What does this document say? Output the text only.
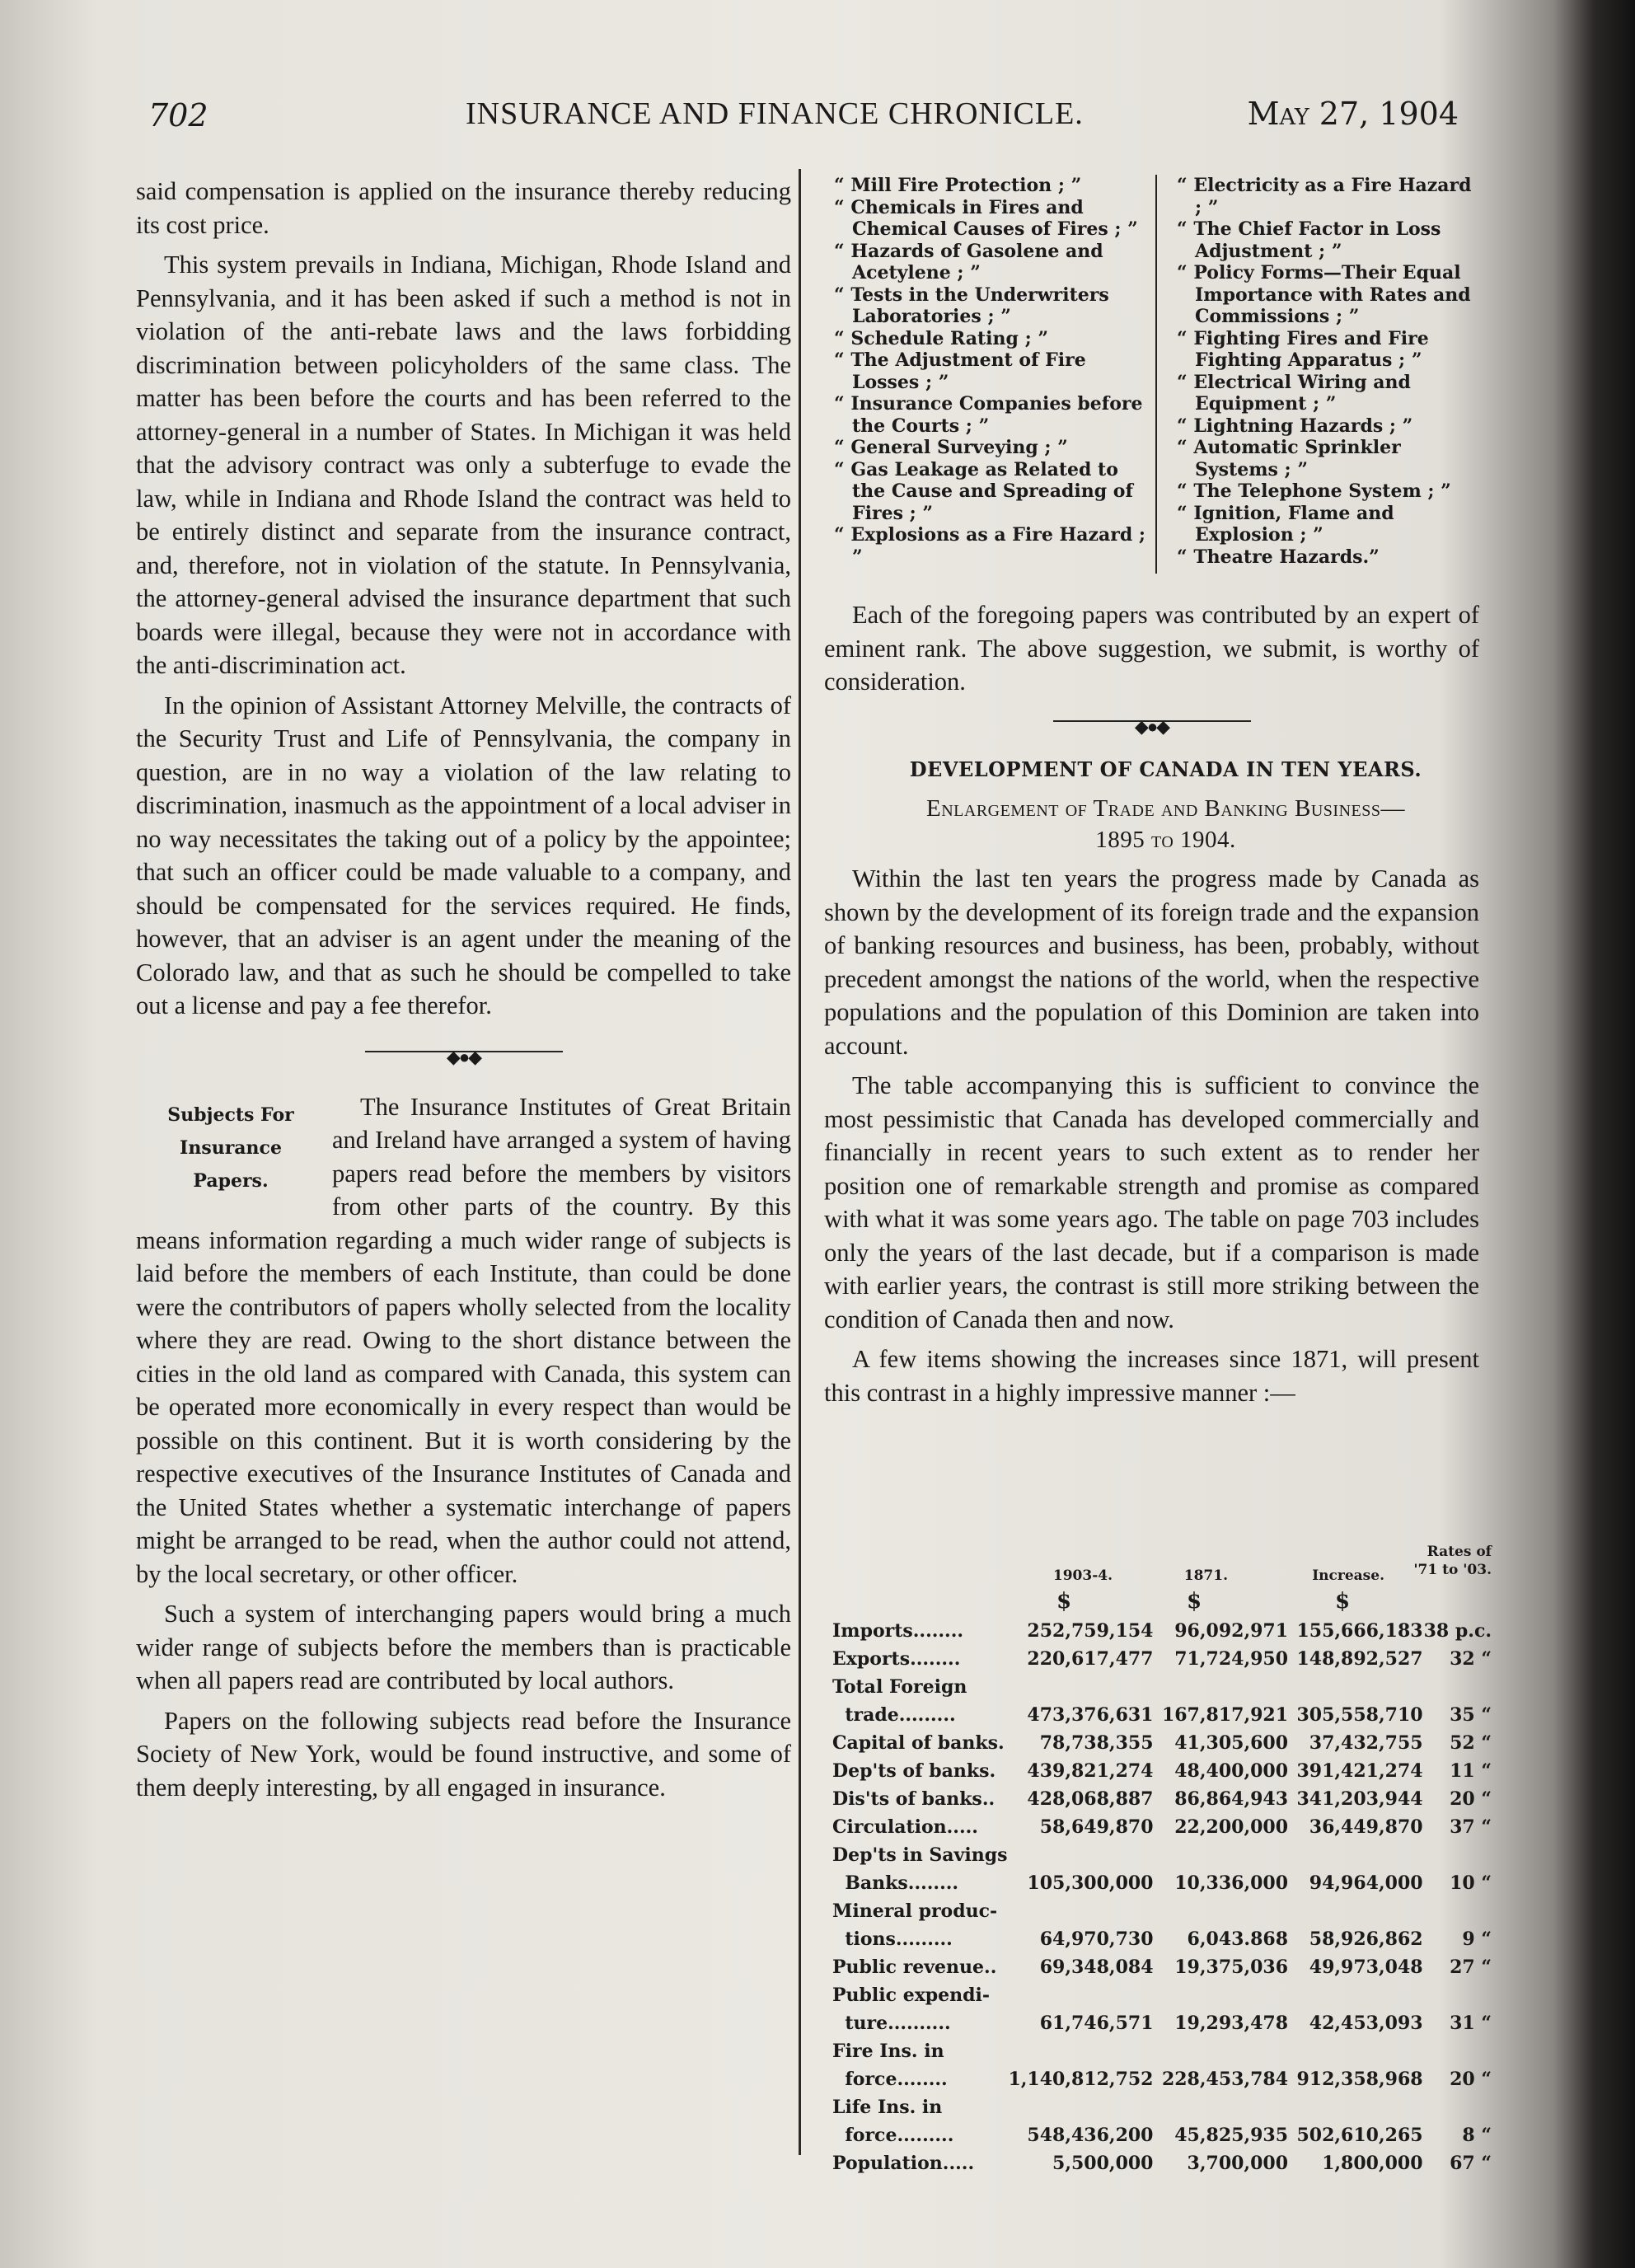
702	INSURANCE AND FINANCE CHRONICLE.	May 27, 1904

said compensation is applied on the insurance thereby reducing its cost price.

This system prevails in Indiana, Michigan, Rhode Island and Pennsylvania, and it has been asked if such a method is not in violation of the anti-rebate laws and the laws forbidding discrimination between policyholders of the same class. The matter has been before the courts and has been referred to the attorney-general in a number of States. In Michigan it was held that the advisory contract was only a subterfuge to evade the law, while in Indiana and Rhode Island the contract was held to be entirely distinct and separate from the insurance contract, and, therefore, not in violation of the statute. In Pennsylvania, the attorney-general advised the insurance department that such boards were illegal, because they were not in accordance with the anti-discrimination act.

In the opinion of Assistant Attorney Melville, the contracts of the Security Trust and Life of Pennsylvania, the company in question, are in no way a violation of the law relating to discrimination, inasmuch as the appointment of a local adviser in no way necessitates the taking out of a policy by the appointee; that such an officer could be made valuable to a company, and should be compensated for the services required. He finds, however, that an adviser is an agent under the meaning of the Colorado law, and that as such he should be compelled to take out a license and pay a fee therefor.

◆●◆
Subjects For
Insurance
Papers.

The Insurance Institutes of Great Britain and Ireland have arranged a system of having papers read before the members by visitors from other parts of the country. By this means information regarding a much wider range of subjects is laid before the members of each Institute, than could be done were the contributors of papers wholly selected from the locality where they are read. Owing to the short distance between the cities in the old land as compared with Canada, this system can be operated more economically in every respect than would be possible on this continent. But it is worth considering by the respective executives of the Insurance Institutes of Canada and the United States whether a systematic interchange of papers might be arranged to be read, when the author could not attend, by the local secretary, or other officer.

Such a system of interchanging papers would bring a much wider range of subjects before the members than is practicable when all papers read are contributed by local authors.

Papers on the following subjects read before the Insurance Society of New York, would be found instructive, and some of them deeply interesting, by all engaged in insurance.

“ Mill Fire Protection ; ”

“ Chemicals in Fires and Chemical Causes of Fires ; ”

“ Hazards of Gasolene and Acetylene ; ”

“ Tests in the Underwriters Laboratories ; ”

“ Schedule Rating ; ”

“ The Adjustment of Fire Losses ; ”

“ Insurance Companies before the Courts ; ”

“ General Surveying ; ”

“ Gas Leakage as Related to the Cause and Spreading of Fires ; ”

“ Explosions as a Fire Hazard ; ”

“ Electricity as a Fire Hazard ; ”

“ The Chief Factor in Loss Adjustment ; ”

“ Policy Forms—Their Equal Importance with Rates and Commissions ; ”

“ Fighting Fires and Fire Fighting Apparatus ; ”

“ Electrical Wiring and Equipment ; ”

“ Lightning Hazards ; ”

“ Automatic Sprinkler Systems ; ”

“ The Telephone System ; ”

“ Ignition, Flame and Explosion ; ”

“ Theatre Hazards.”

Each of the foregoing papers was contributed by an expert of eminent rank. The above suggestion, we submit, is worthy of consideration.

◆●◆

DEVELOPMENT OF CANADA IN TEN YEARS.

Enlargement of Trade and Banking Business—

1895 to 1904.

Within the last ten years the progress made by Canada as shown by the development of its foreign trade and the expansion of banking resources and business, has been, probably, without precedent amongst the nations of the world, when the respective populations and the population of this Dominion are taken into account.

The table accompanying this is sufficient to convince the most pessimistic that Canada has developed commercially and financially in recent years to such extent as to render her position one of remarkable strength and promise as compared with what it was some years ago. The table on page 703 includes only the years of the last decade, but if a comparison is made with earlier years, the contrast is still more striking between the condition of Canada then and now.

A few items showing the increases since 1871, will present this contrast in a highly impressive manner :—

1903-4.	1871.	Increase.
Rates of '71 to '03.
$	$	$
Imports........	252,759,154	96,092,971	155,666,183	38 p.c.
Exports........	220,617,477	71,724,950	148,892,527	32 “
Total Foreign				
trade.........	473,376,631	167,817,921	305,558,710	35 “
Capital of banks.	78,738,355	41,305,600	37,432,755	52 “
Dep'ts of banks.	439,821,274	48,400,000	391,421,274	11 “
Dis'ts of banks..	428,068,887	86,864,943	341,203,944	20 “
Circulation.....	58,649,870	22,200,000	36,449,870	37 “
Dep'ts in Savings				
Banks........	105,300,000	10,336,000	94,964,000	10 “
Mineral produc-				
tions.........	64,970,730	6,043.868	58,926,862	9 “
Public revenue..	69,348,084	19,375,036	49,973,048	27 “
Public expendi-				
ture..........	61,746,571	19,293,478	42,453,093	31 “
Fire Ins. in				
force........	1,140,812,752	228,453,784	912,358,968	20 “
Life Ins. in				
force.........	548,436,200	45,825,935	502,610,265	8 “
Population.....	5,500,000	3,700,000	1,800,000	67 “
